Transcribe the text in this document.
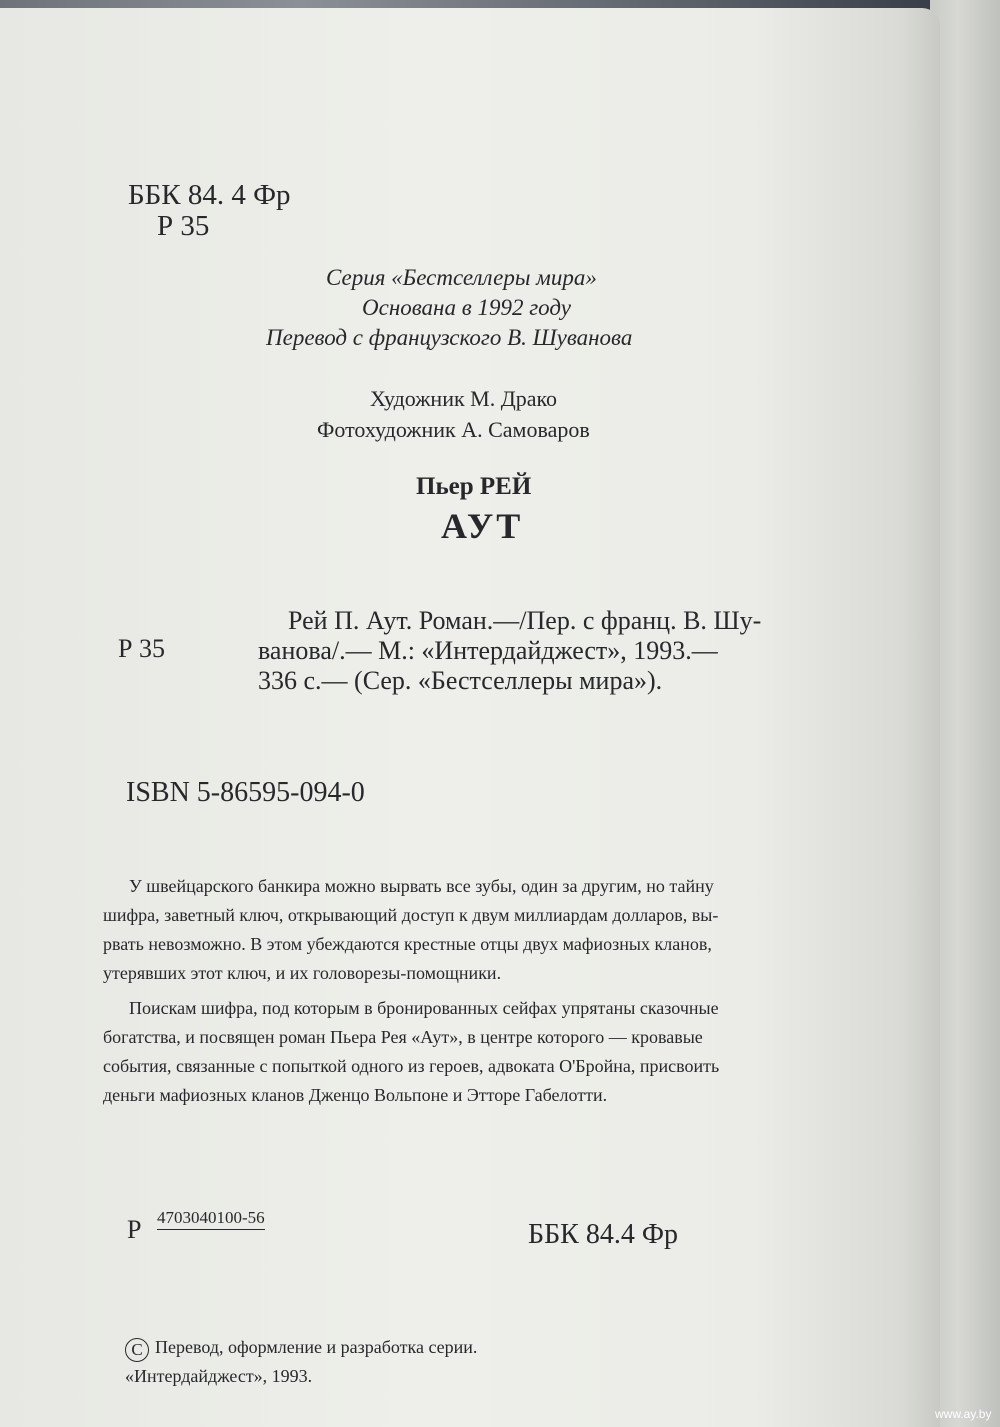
ББК 84. 4 Фр
Р 35
Серия «Бестселлеры мира»
Основана в 1992 году
Перевод с французского В. Шуванова
Художник М. Драко
Фотохудожник А. Самоваров
Пьер РЕЙ
АУТ
Р 35
Рей П. Аут. Роман.—/Пер. с франц. В. Шу-
ванова/.— М.: «Интердайджест», 1993.—
336 с.— (Сер. «Бестселлеры мира»).
ISBN 5-86595-094-0
У швейцарского банкира можно вырвать все зубы, один за другим, но тайну
шифра, заветный ключ, открывающий доступ к двум миллиардам долларов, вы-
рвать невозможно. В этом убеждаются крестные отцы двух мафиозных кланов,
утерявших этот ключ, и их головорезы-помощники.
Поискам шифра, под которым в бронированных сейфах упрятаны сказочные
богатства, и посвящен роман Пьера Рея «Аут», в центре которого — кровавые
события, связанные с попыткой одного из героев, адвоката О'Бройна, присвоить
деньги мафиозных кланов Дженцо Вольпоне и Этторе Габелотти.
Р 4703040100-56
ББК 84.4 Фр
C Перевод, оформление и разработка серии.
«Интердайджест», 1993.
www.ay.by
